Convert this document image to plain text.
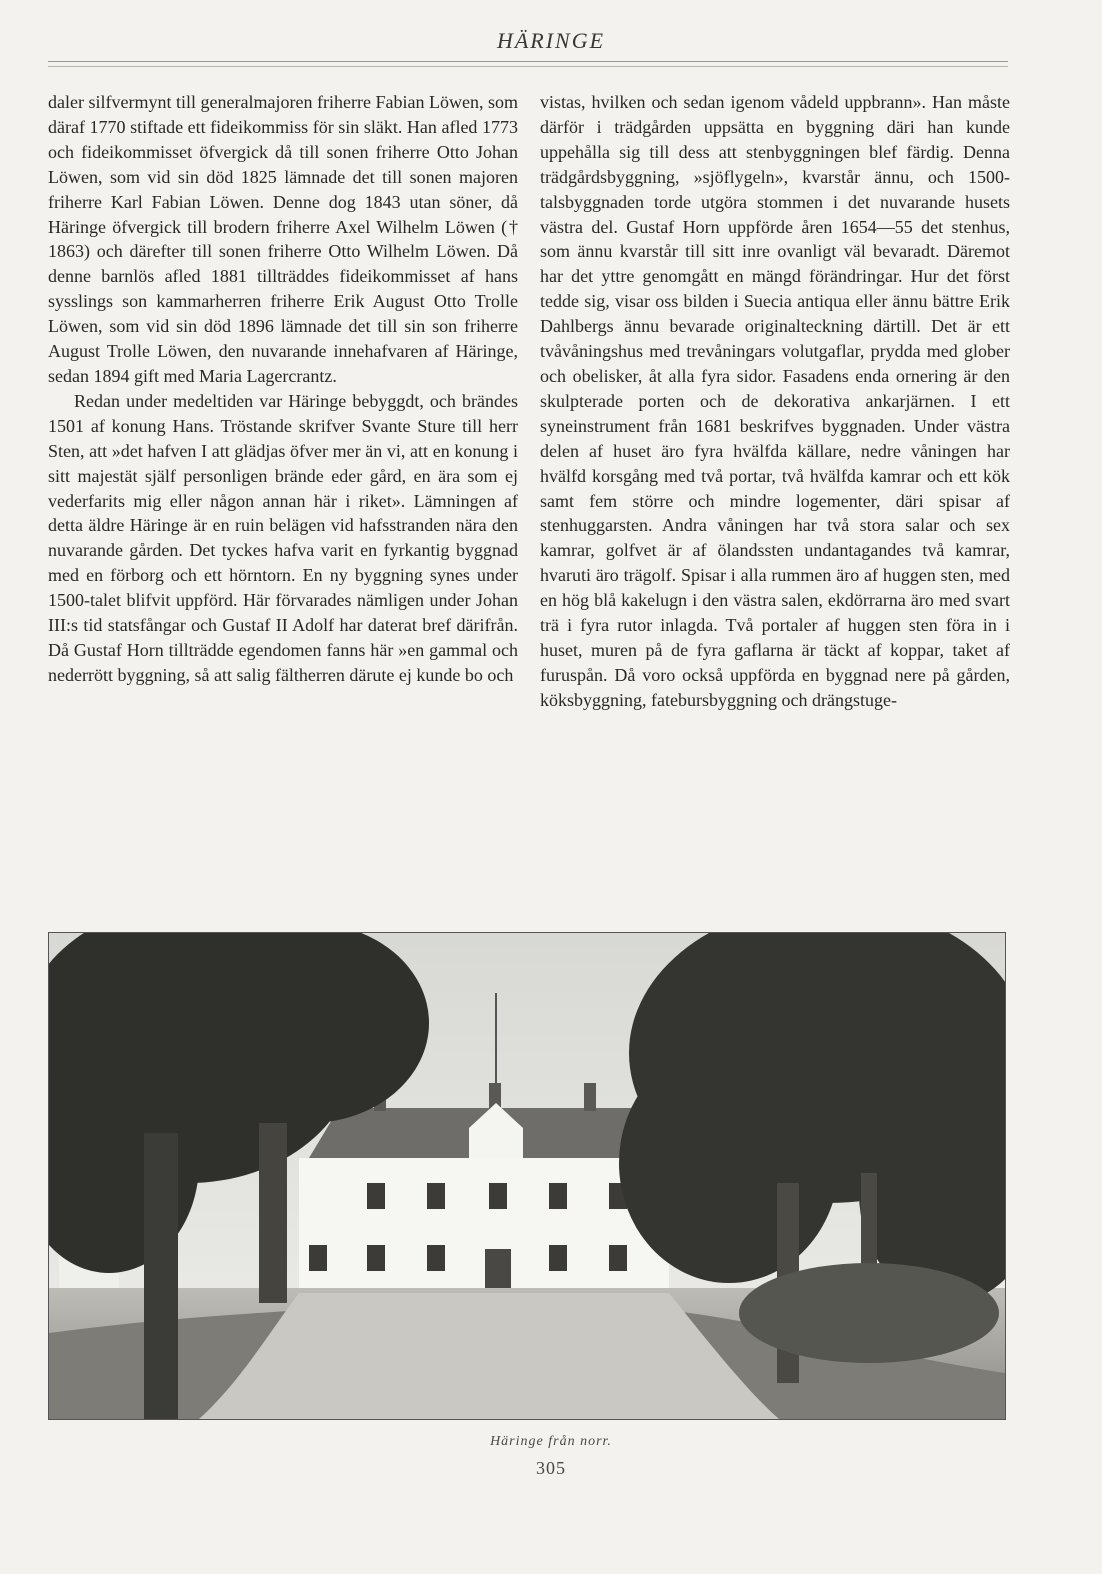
HÄRINGE

daler silfvermynt till generalmajoren friherre Fabian Löwen, som däraf 1770 stiftade ett fideikommiss för sin släkt. Han afled 1773 och fideikommisset öfvergick då till sonen friherre Otto Johan Löwen, som vid sin död 1825 lämnade det till sonen majoren friherre Karl Fabian Löwen. Denne dog 1843 utan söner, då Häringe öfvergick till brodern friherre Axel Wilhelm Löwen († 1863) och därefter till sonen friherre Otto Wilhelm Löwen. Då denne barnlös afled 1881 tillträddes fideikommisset af hans sysslings son kammarherren friherre Erik August Otto Trolle Löwen, som vid sin död 1896 lämnade det till sin son friherre August Trolle Löwen, den nuvarande innehafvaren af Häringe, sedan 1894 gift med Maria Lagercrantz.

Redan under medeltiden var Häringe bebyggdt, och brändes 1501 af konung Hans. Tröstande skrifver Svante Sture till herr Sten, att »det hafven I att glädjas öfver mer än vi, att en konung i sitt majestät själf personligen brände eder gård, en ära som ej vederfarits mig eller någon annan här i riket». Lämningen af detta äldre Häringe är en ruin belägen vid hafsstranden nära den nuvarande gården. Det tyckes hafva varit en fyrkantig byggnad med en förborg och ett hörntorn. En ny byggning synes under 1500-talet blifvit uppförd. Här förvarades nämligen under Johan III:s tid statsfångar och Gustaf II Adolf har daterat bref därifrån. Då Gustaf Horn tillträdde egendomen fanns här »en gammal och nederrött byggning, så att salig fältherren därute ej kunde bo och

vistas, hvilken och sedan igenom vådeld uppbrann». Han måste därför i trädgården uppsätta en byggning däri han kunde uppehålla sig till dess att stenbyggningen blef färdig. Denna trädgårdsbyggning, »sjöflygeln», kvarstår ännu, och 1500-talsbyggnaden torde utgöra stommen i det nuvarande husets västra del. Gustaf Horn uppförde åren 1654—55 det stenhus, som ännu kvarstår till sitt inre ovanligt väl bevaradt. Däremot har det yttre genomgått en mängd förändringar. Hur det först tedde sig, visar oss bilden i Suecia antiqua eller ännu bättre Erik Dahlbergs ännu bevarade originalteckning därtill. Det är ett tvåvåningshus med trevåningars volutgaflar, prydda med glober och obelisker, åt alla fyra sidor. Fasadens enda ornering är den skulpterade porten och de dekorativa ankarjärnen. I ett syneinstrument från 1681 beskrifves byggnaden. Under västra delen af huset äro fyra hvälfda källare, nedre våningen har hvälfd korsgång med två portar, två hvälfda kamrar och ett kök samt fem större och mindre logementer, däri spisar af stenhuggarsten. Andra våningen har två stora salar och sex kamrar, golfvet är af ölandssten undantagandes två kamrar, hvaruti äro trägolf. Spisar i alla rummen äro af huggen sten, med en hög blå kakelugn i den västra salen, ekdörrarna äro med svart trä i fyra rutor inlagda. Två portaler af huggen sten föra in i huset, muren på de fyra gaflarna är täckt af koppar, taket af furuspån. Då voro också uppförda en byggnad nere på gården, köksbyggning, fatebursbyggning och drängstuge-

Häringe från norr.
305
